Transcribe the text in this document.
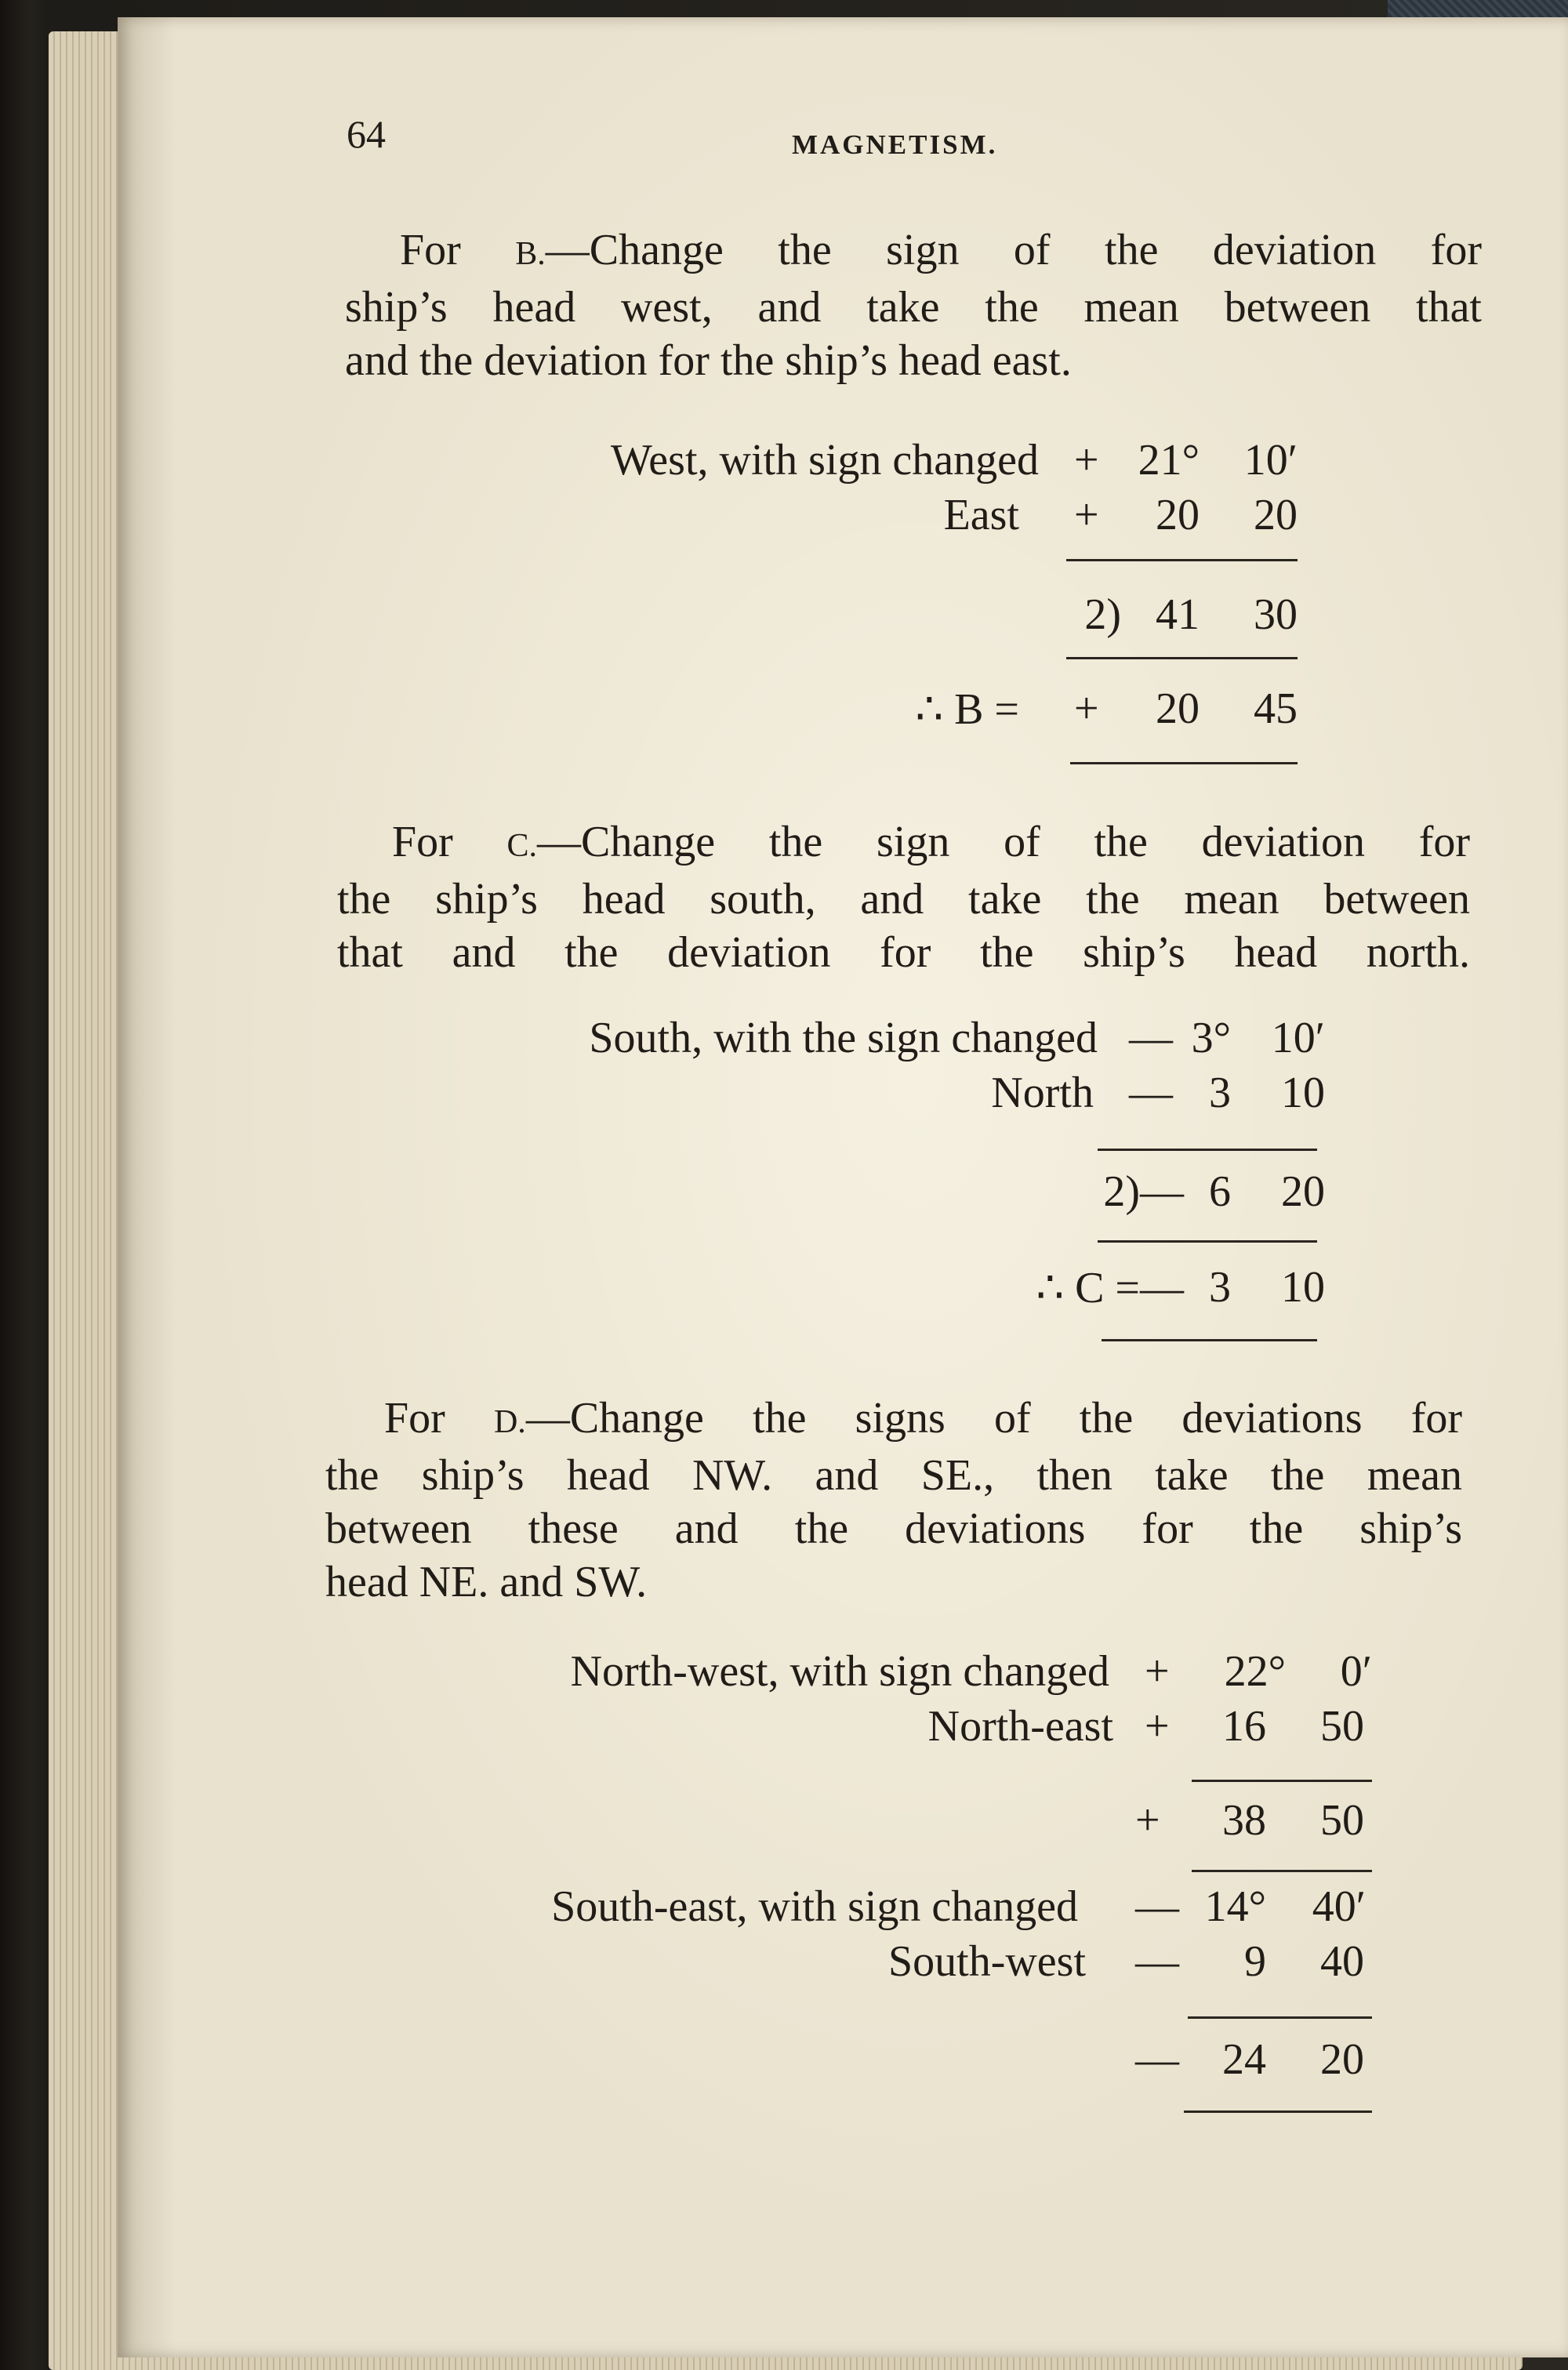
64	MAGNETISM.
For B.—Change the sign of the deviation for
ship’s head west, and take the mean between that
and the deviation for the ship’s head east.
West, with sign changed + 21° 10′
East + 20 20
2) 41 30
∴ B = + 20 45
For C.—Change the sign of the deviation for
the ship’s head south, and take the mean between
that and the deviation for the ship’s head north.
South, with the sign changed — 3° 10′
North — 3 10
2)— 6 20
∴ C =— 3 10
For D.—Change the signs of the deviations for
the ship’s head NW. and SE., then take the mean
between these and the deviations for the ship’s
head NE. and SW.
North-west, with sign changed + 22° 0′
North-east + 16 50
+ 38 50
South-east, with sign changed — 14° 40′
South-west — 9 40
— 24 20
